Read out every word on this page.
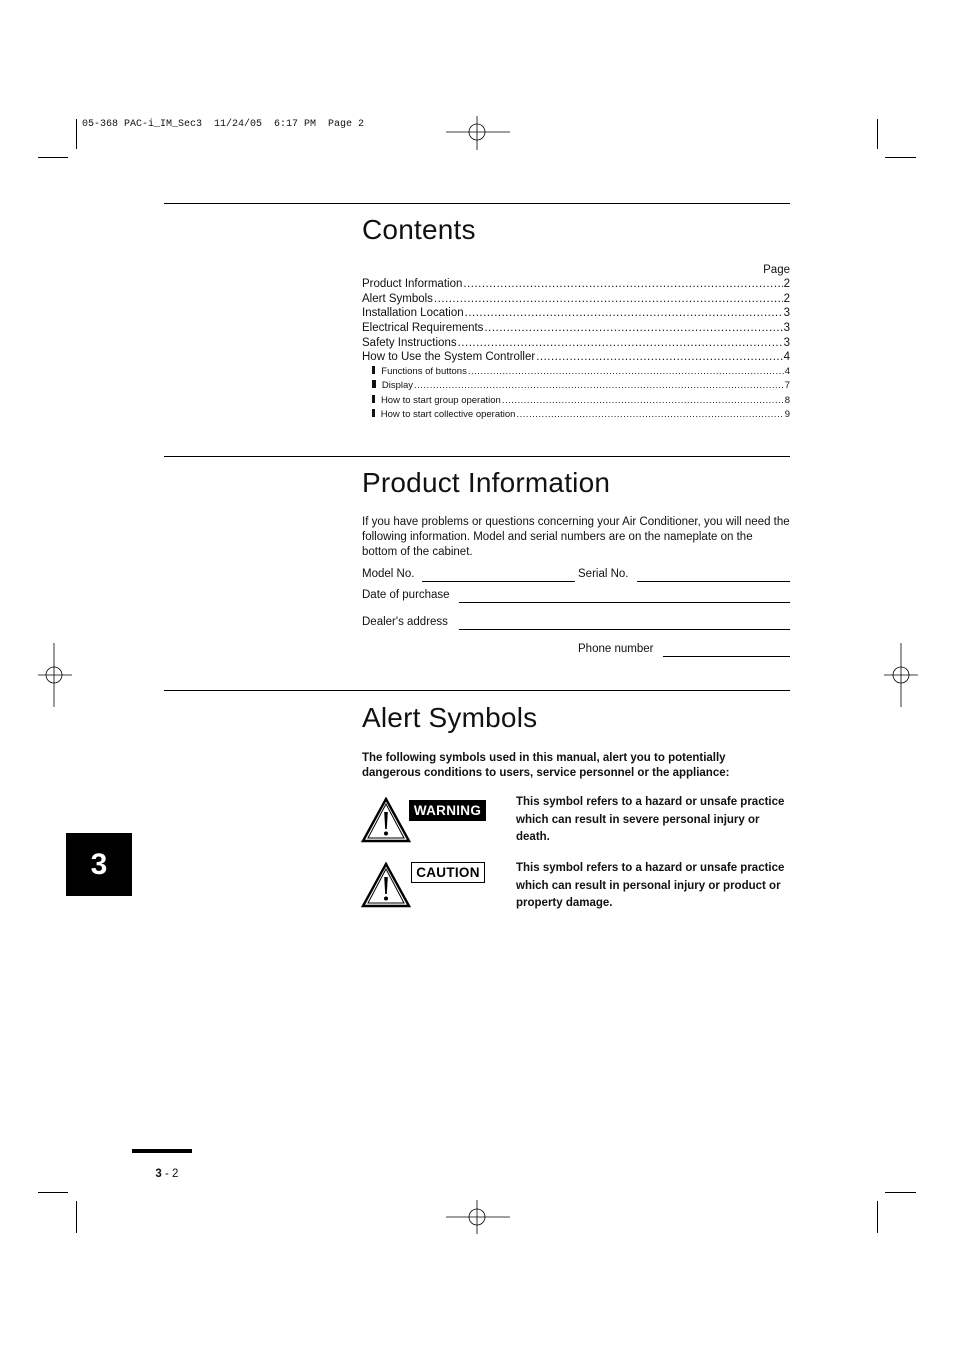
05-368 PAC-i_IM_Sec3  11/24/05  6:17 PM  Page 2
Contents
Page
Product Information .....	2
Alert Symbols .....	2
Installation Location .....	3
Electrical Requirements .....	3
Safety Instructions .....	3
How to Use the System Controller .....	4
Functions of buttons .....	4
Display .....	7
How to start group operation .....	8
How to start collective operation .....	9
Product Information
If you have problems or questions concerning your Air Conditioner, you will need the following information. Model and serial numbers are on the nameplate on the bottom of the cabinet.
Model No.	Serial No.
Date of purchase
Dealer's address
Phone number
Alert Symbols
The following symbols used in this manual, alert you to potentially dangerous conditions to users, service personnel or the appliance:
WARNING
This symbol refers to a hazard or unsafe practice which can result in severe personal injury or death.
CAUTION	This symbol refers to a hazard or unsafe practice which can result in personal injury or product or property damage.
3

3 - 2
